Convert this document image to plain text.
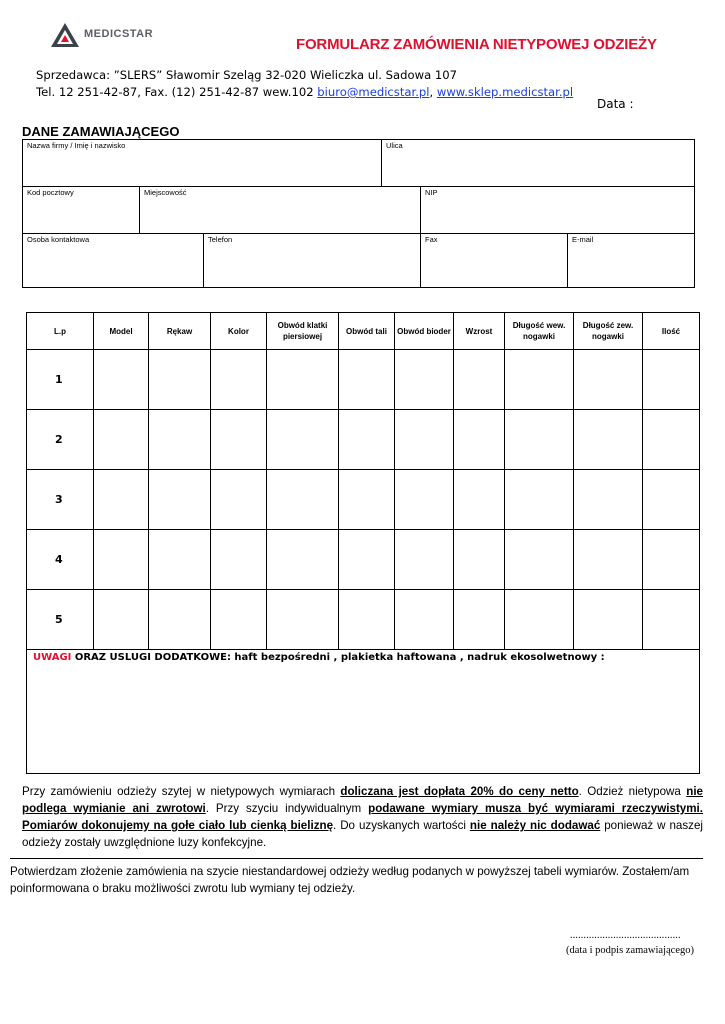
MEDICSTAR
FORMULARZ ZAMÓWIENIA NIETYPOWEJ ODZIEŻY
Sprzedawca: ”SLERS” Sławomir Szeląg 32-020 Wieliczka ul. Sadowa 107
Tel. 12 251-42-87, Fax. (12) 251-42-87 wew.102 biuro@medicstar.pl, www.sklep.medicstar.pl
Data :
DANE ZAMAWIAJĄCEGO
Nazwa firmy / Imię i nazwisko	Ulica
Kod pocztowy	Miejscowość	NIP
Osoba kontaktowa	Telefon	Fax	E-mail
L.p	Model	Rękaw	Kolor	Obwód klatki piersiowej	Obwód tali	Obwód bioder	Wzrost	Długość wew. nogawki	Długość zew. nogawki	Ilość
1										
2										
3										
4										
5										
UWAGI ORAZ USLUGI DODATKOWE: haft bezpośredni , plakietka haftowana , nadruk ekosolwetnowy :										
Przy zamówieniu odzieży szytej w nietypowych wymiarach doliczana jest dopłata 20% do ceny netto. Odzież nietypowa nie podlega wymianie ani zwrotowi. Przy szyciu indywidualnym podawane wymiary musza być wymiarami rzeczywistymi. Pomiarów dokonujemy na gołe ciało lub cienką bieliznę. Do uzyskanych wartości nie należy nic dodawać ponieważ w naszej odzieży zostały uwzględnione luzy konfekcyjne.
Potwierdzam złożenie zamówienia na szycie niestandardowej odzieży według podanych w powyższej tabeli wymiarów. Zostałem/am poinformowana o braku możliwości zwrotu lub wymiany tej odzieży.
.........................................
(data i podpis zamawiającego)
